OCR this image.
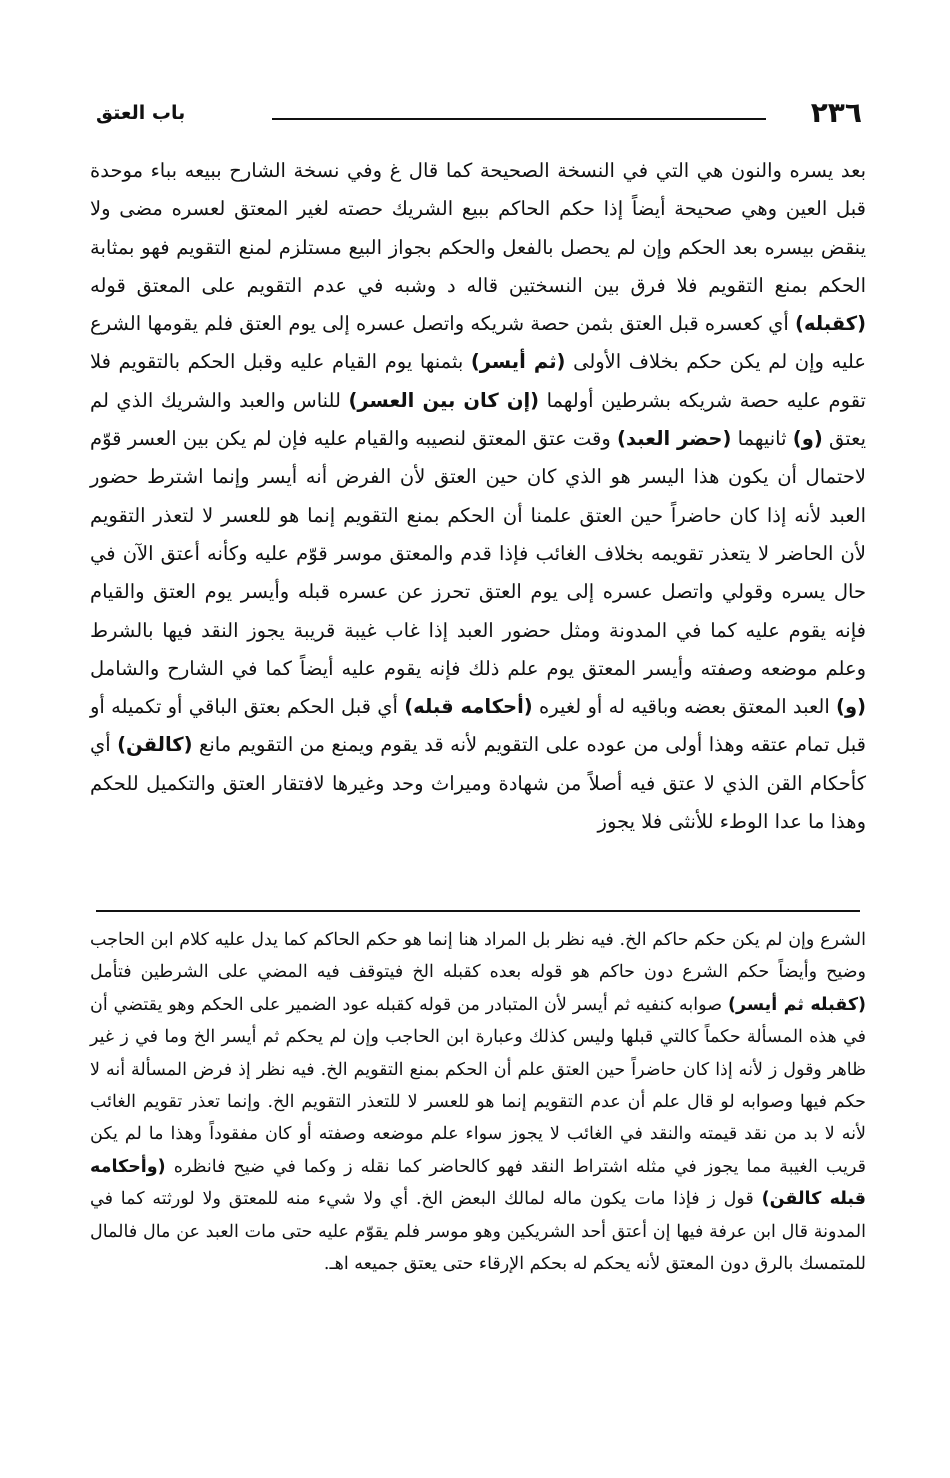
٢٣٦
باب العتق

بعد يسره والنون هي التي في النسخة الصحيحة كما قال غ وفي نسخة الشارح ببيعه بباء موحدة قبل العين وهي صحيحة أيضاً إذا حكم الحاكم ببيع الشريك حصته لغير المعتق لعسره مضى ولا ينقض بيسره بعد الحكم وإن لم يحصل بالفعل والحكم بجواز البيع مستلزم لمنع التقويم فهو بمثابة الحكم بمنع التقويم فلا فرق بين النسختين قاله د وشبه في عدم التقويم على المعتق قوله (كقبله) أي كعسره قبل العتق بثمن حصة شريكه واتصل عسره إلى يوم العتق فلم يقومها الشرع عليه وإن لم يكن حكم بخلاف الأولى (ثم أيسر) بثمنها يوم القيام عليه وقبل الحكم بالتقويم فلا تقوم عليه حصة شريكه بشرطين أولهما (إن كان بين العسر) للناس والعبد والشريك الذي لم يعتق (و) ثانيهما (حضر العبد) وقت عتق المعتق لنصيبه والقيام عليه فإن لم يكن بين العسر قوّم لاحتمال أن يكون هذا اليسر هو الذي كان حين العتق لأن الفرض أنه أيسر وإنما اشترط حضور العبد لأنه إذا كان حاضراً حين العتق علمنا أن الحكم بمنع التقويم إنما هو للعسر لا لتعذر التقويم لأن الحاضر لا يتعذر تقويمه بخلاف الغائب فإذا قدم والمعتق موسر قوّم عليه وكأنه أعتق الآن في حال يسره وقولي واتصل عسره إلى يوم العتق تحرز عن عسره قبله وأيسر يوم العتق والقيام فإنه يقوم عليه كما في المدونة ومثل حضور العبد إذا غاب غيبة قريبة يجوز النقد فيها بالشرط وعلم موضعه وصفته وأيسر المعتق يوم علم ذلك فإنه يقوم عليه أيضاً كما في الشارح والشامل (و) العبد المعتق بعضه وباقيه له أو لغيره (أحكامه قبله) أي قبل الحكم بعتق الباقي أو تكميله أو قبل تمام عتقه وهذا أولى من عوده على التقويم لأنه قد يقوم ويمنع من التقويم مانع (كالقن) أي كأحكام القن الذي لا عتق فيه أصلاً من شهادة وميراث وحد وغيرها لافتقار العتق والتكميل للحكم وهذا ما عدا الوطء للأنثى فلا يجوز

الشرع وإن لم يكن حكم حاكم الخ. فيه نظر بل المراد هنا إنما هو حكم الحاكم كما يدل عليه كلام ابن الحاجب وضيح وأيضاً حكم الشرع دون حاكم هو قوله بعده كقبله الخ فيتوقف فيه المضي على الشرطين فتأمل (كقبله ثم أيسر) صوابه كنفيه ثم أيسر لأن المتبادر من قوله كقبله عود الضمير على الحكم وهو يقتضي أن في هذه المسألة حكماً كالتي قبلها وليس كذلك وعبارة ابن الحاجب وإن لم يحكم ثم أيسر الخ وما في ز غير ظاهر وقول ز لأنه إذا كان حاضراً حين العتق علم أن الحكم بمنع التقويم الخ. فيه نظر إذ فرض المسألة أنه لا حكم فيها وصوابه لو قال علم أن عدم التقويم إنما هو للعسر لا للتعذر التقويم الخ. وإنما تعذر تقويم الغائب لأنه لا بد من نقد قيمته والنقد في الغائب لا يجوز سواء علم موضعه وصفته أو كان مفقوداً وهذا ما لم يكن قريب الغيبة مما يجوز في مثله اشتراط النقد فهو كالحاضر كما نقله ز وكما في ضيح فانظره (وأحكامه قبله كالقن) قول ز فإذا مات يكون ماله لمالك البعض الخ. أي ولا شيء منه للمعتق ولا لورثته كما في المدونة قال ابن عرفة فيها إن أعتق أحد الشريكين وهو موسر فلم يقوّم عليه حتى مات العبد عن مال فالمال للمتمسك بالرق دون المعتق لأنه يحكم له بحكم الإرقاء حتى يعتق جميعه اهـ.
